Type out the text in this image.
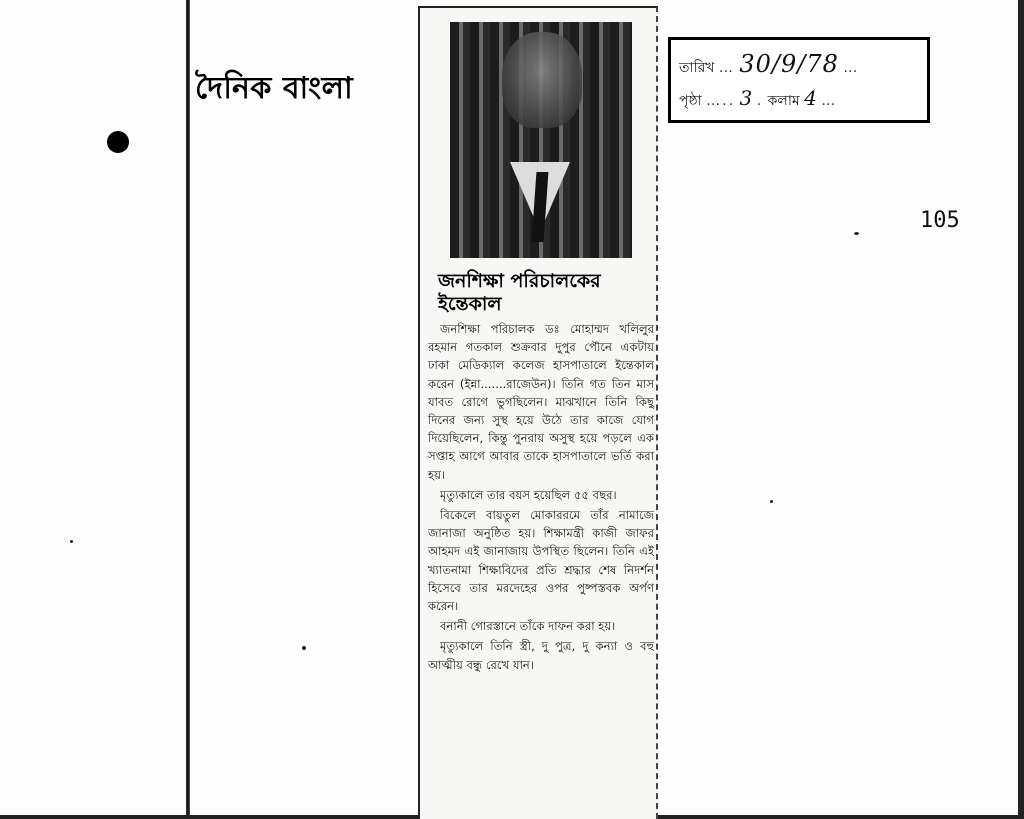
দৈনিক বাংলা
তারিখ … 30/9/78 …
পৃষ্ঠা ….. 3 . কলাম 4 …
105
জনশিক্ষা পরিচালকের ইন্তেকাল

জনশিক্ষা পরিচালক ডঃ মোহাম্মদ খলিলুর রহমান গতকাল শুক্রবার দুপুর পৌনে একটায় ঢাকা মেডিক্যাল কলেজ হাসপাতালে ইন্তেকাল করেন (ইন্না.......রাজেউন)। তিনি গত তিন মাস যাবত রোগে ভুগছিলেন। মাঝখানে তিনি কিছু দিনের জন্য সুস্থ হয়ে উঠে তার কাজে যোগ দিয়েছিলেন, কিন্তু পুনরায় অসুস্থ হয়ে পড়লে এক সপ্তাহ আগে আবার তাকে হাসপাতালে ভর্তি করা হয়।

মৃত্যুকালে তার বয়স হয়েছিল ৫৫ বছর।

বিকেলে বায়তুল মোকাররমে তাঁর নামাজে জানাজা অনুষ্ঠিত হয়। শিক্ষামন্ত্রী কাজী জাফর আহমদ এই জানাজায় উপস্থিত ছিলেন। তিনি এই খ্যাতনামা শিক্ষাবিদের প্রতি শ্রদ্ধার শেষ নিদর্শন হিসেবে তার মরদেহের ওপর পুষ্পস্তবক অর্পণ করেন।

বনানী গোরস্তানে তাঁকে দাফন করা হয়।

মৃত্যুকালে তিনি স্ত্রী, দু পুত্র, দু কন্যা ও বহু আত্মীয় বন্ধু রেখে যান।
